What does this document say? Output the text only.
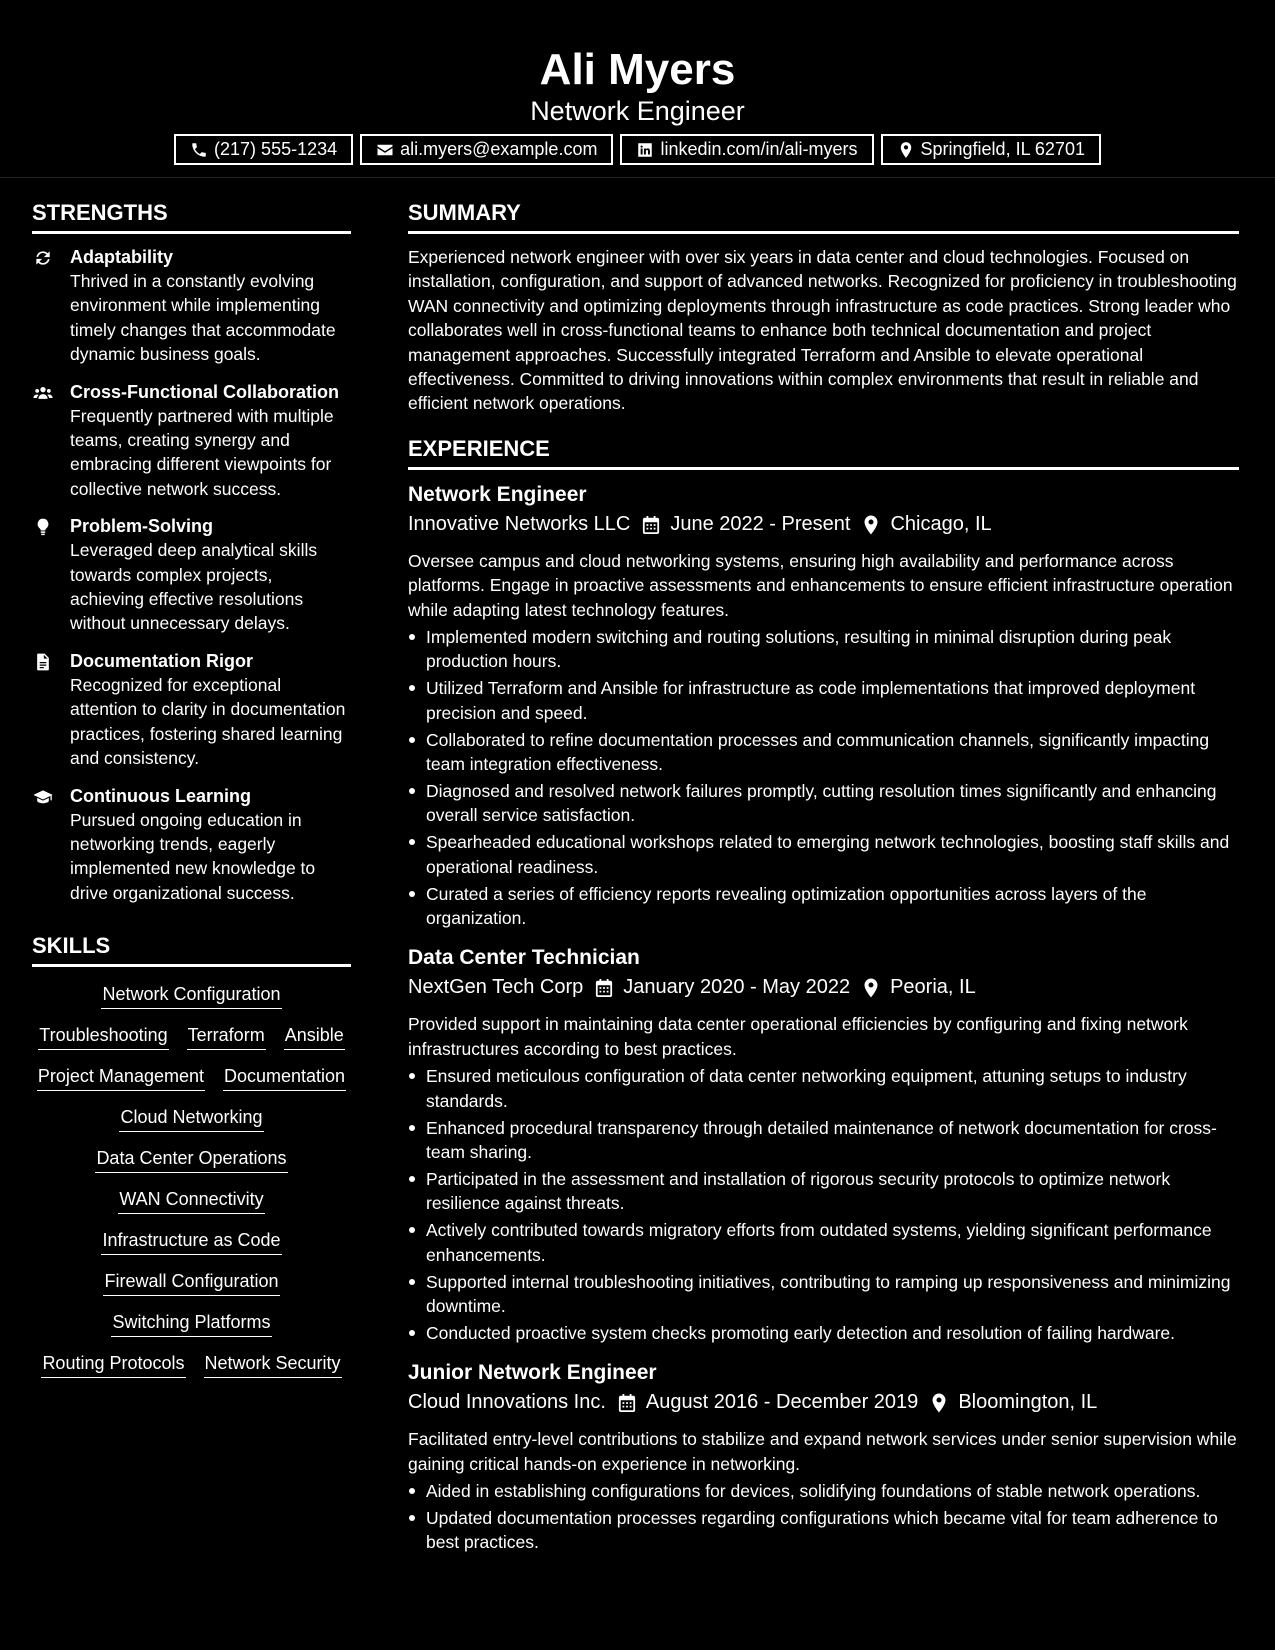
Ali Myers
Network Engineer
(217) 555-1234	ali.myers@example.com	linkedin.com/in/ali-myers	Springfield, IL 62701
STRENGTHS
Adaptability
Thrived in a constantly evolving environment while implementing timely changes that accommodate dynamic business goals.
Cross-Functional Collaboration
Frequently partnered with multiple teams, creating synergy and embracing different viewpoints for collective network success.
Problem-Solving
Leveraged deep analytical skills towards complex projects, achieving effective resolutions without unnecessary delays.
Documentation Rigor
Recognized for exceptional attention to clarity in documentation practices, fostering shared learning and consistency.
Continuous Learning
Pursued ongoing education in networking trends, eagerly implemented new knowledge to drive organizational success.
SKILLS
Network Configuration
Troubleshooting Terraform Ansible
Project Management Documentation
Cloud Networking
Data Center Operations
WAN Connectivity
Infrastructure as Code
Firewall Configuration
Switching Platforms
Routing Protocols Network Security
SUMMARY
Experienced network engineer with over six years in data center and cloud technologies. Focused on installation, configuration, and support of advanced networks. Recognized for proficiency in troubleshooting WAN connectivity and optimizing deployments through infrastructure as code practices. Strong leader who collaborates well in cross-functional teams to enhance both technical documentation and project management approaches. Successfully integrated Terraform and Ansible to elevate operational effectiveness. Committed to driving innovations within complex environments that result in reliable and efficient network operations.
EXPERIENCE
Network Engineer
Innovative Networks LLC June 2022 - Present Chicago, IL
Oversee campus and cloud networking systems, ensuring high availability and performance across platforms. Engage in proactive assessments and enhancements to ensure efficient infrastructure operation while adapting latest technology features.
Implemented modern switching and routing solutions, resulting in minimal disruption during peak production hours.
Utilized Terraform and Ansible for infrastructure as code implementations that improved deployment precision and speed.
Collaborated to refine documentation processes and communication channels, significantly impacting team integration effectiveness.
Diagnosed and resolved network failures promptly, cutting resolution times significantly and enhancing overall service satisfaction.
Spearheaded educational workshops related to emerging network technologies, boosting staff skills and operational readiness.
Curated a series of efficiency reports revealing optimization opportunities across layers of the organization.
Data Center Technician
NextGen Tech Corp January 2020 - May 2022 Peoria, IL
Provided support in maintaining data center operational efficiencies by configuring and fixing network infrastructures according to best practices.
Ensured meticulous configuration of data center networking equipment, attuning setups to industry standards.
Enhanced procedural transparency through detailed maintenance of network documentation for cross-team sharing.
Participated in the assessment and installation of rigorous security protocols to optimize network resilience against threats.
Actively contributed towards migratory efforts from outdated systems, yielding significant performance enhancements.
Supported internal troubleshooting initiatives, contributing to ramping up responsiveness and minimizing downtime.
Conducted proactive system checks promoting early detection and resolution of failing hardware.
Junior Network Engineer
Cloud Innovations Inc. August 2016 - December 2019 Bloomington, IL
Facilitated entry-level contributions to stabilize and expand network services under senior supervision while gaining critical hands-on experience in networking.
Aided in establishing configurations for devices, solidifying foundations of stable network operations.
Updated documentation processes regarding configurations which became vital for team adherence to best practices.
